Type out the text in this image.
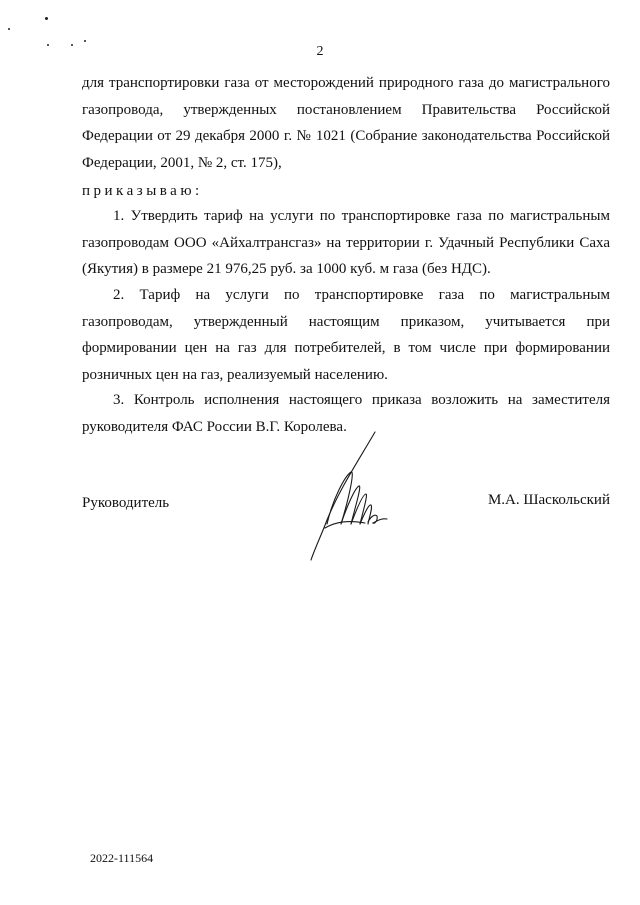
2

для транспортировки газа от месторождений природного газа до магистрального газопровода, утвержденных постановлением Правительства Российской Федерации от 29 декабря 2000 г. № 1021 (Собрание законодательства Российской Федерации, 2001, № 2, ст. 175),

приказываю:

1. Утвердить тариф на услуги по транспортировке газа по магистральным газопроводам ООО «Айхалтрансгаз» на территории г. Удачный Республики Саха (Якутия) в размере 21 976,25 руб. за 1000 куб. м газа (без НДС).

2. Тариф на услуги по транспортировке газа по магистральным газопроводам, утвержденный настоящим приказом, учитывается при формировании цен на газ для потребителей, в том числе при формировании розничных цен на газ, реализуемый населению.

3. Контроль исполнения настоящего приказа возложить на заместителя руководителя ФАС России В.Г. Королева.

Руководитель	М.А. Шаскольский
2022-111564
